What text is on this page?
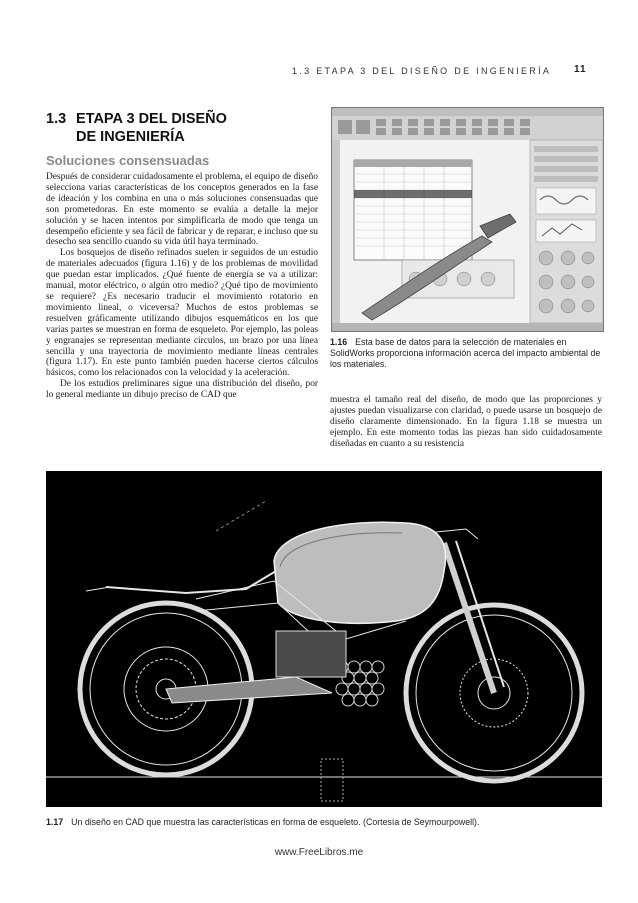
1.3 ETAPA 3 DEL DISEÑO DE INGENIERÍA	11
1.3 ETAPA 3 DEL DISEÑO
DE INGENIERÍA
Soluciones consensuadas

Después de considerar cuidadosamente el problema, el equipo de diseño selecciona varias características de los conceptos generados en la fase de ideación y los combina en una o más soluciones consensuadas que son prometedoras. En este momento se evalúa a detalle la mejor solución y se hacen intentos por simplificarla de modo que tenga un desempeño eficiente y sea fácil de fabricar y de reparar, e incluso que su desecho sea sencillo cuando su vida útil haya terminado.

Los bosquejos de diseño refinados suelen ir seguidos de un estudio de materiales adecuados (figura 1.16) y de los problemas de movilidad que puedan estar implicados. ¿Qué fuente de energía se va a utilizar: manual, motor eléctrico, o algún otro medio? ¿Qué tipo de movimiento se requiere? ¿Es necesario traducir el movimiento rotatorio en movimiento lineal, o viceversa? Muchos de estos problemas se resuelven gráficamente utilizando dibujos esquemáticos en los que varias partes se muestran en forma de esqueleto. Por ejemplo, las poleas y engranajes se representan mediante círculos, un brazo por una línea sencilla y una trayectoria de movimiento mediante líneas centrales (figura 1.17). En este punto también pueden hacerse ciertos cálculos básicos, como los relacionados con la velocidad y la aceleración.

De los estudios preliminares sigue una distribución del diseño, por lo general mediante un dibujo preciso de CAD que

1.16 Esta base de datos para la selección de materiales en SolidWorks proporciona información acerca del impacto ambiental de los materiales.

muestra el tamaño real del diseño, de modo que las proporciones y ajustes puedan visualizarse con claridad, o puede usarse un bosquejo de diseño claramente dimensionado. En la figura 1.18 se muestra un ejemplo. En este momento todas las piezas han sido cuidadosamente diseñadas en cuanto a su resistencia

1.17 Un diseño en CAD que muestra las características en forma de esqueleto. (Cortesía de Seymourpowell).
www.FreeLibros.me
